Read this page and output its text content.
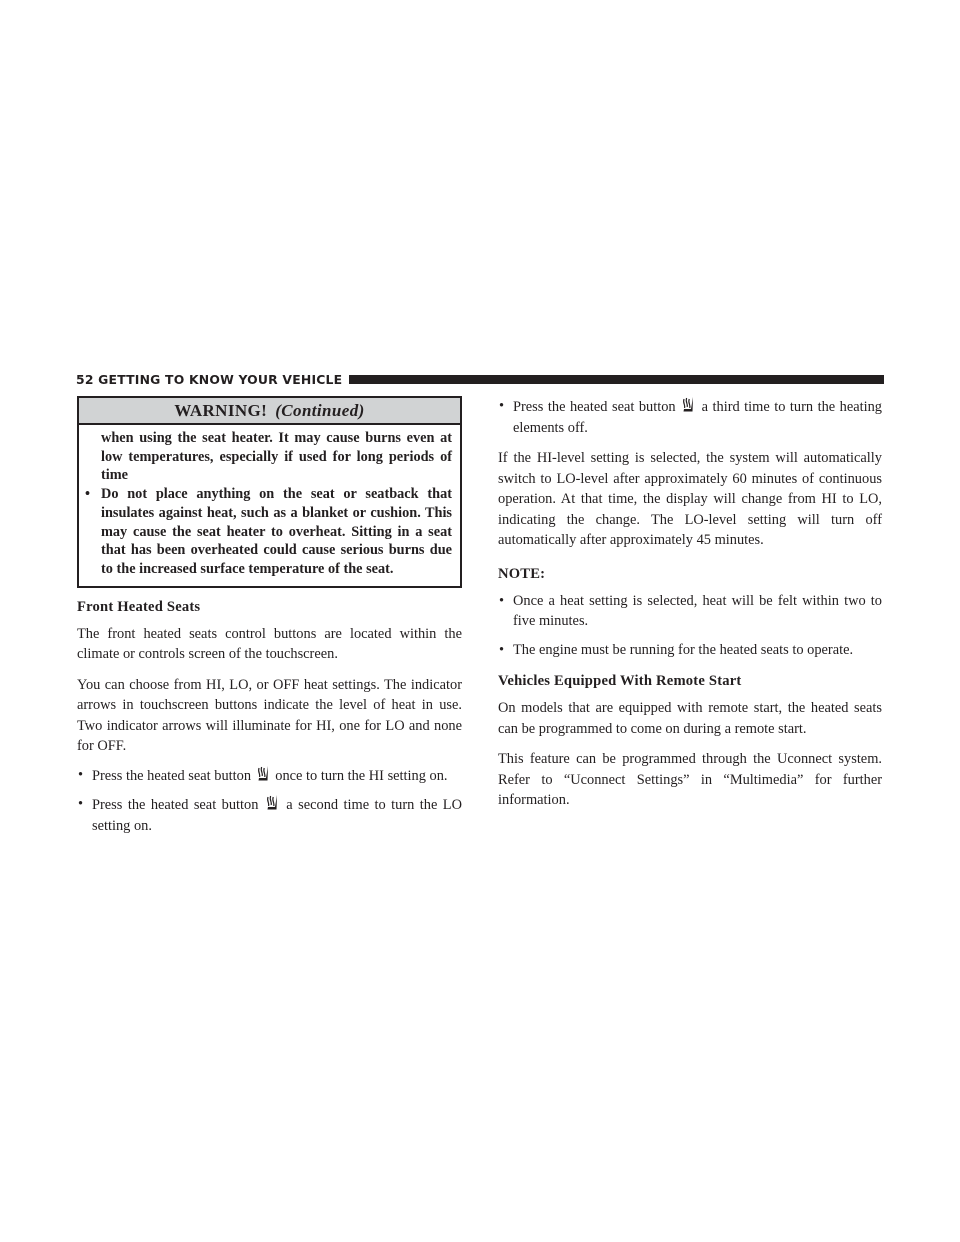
52 GETTING TO KNOW YOUR VEHICLE
WARNING! (Continued)

when using the seat heater. It may cause burns even at low temperatures, especially if used for long periods of time

• Do not place anything on the seat or seatback that insulates against heat, such as a blanket or cushion. This may cause the seat heater to overheat. Sitting in a seat that has been overheated could cause serious burns due to the increased surface temperature of the seat.

Front Heated Seats

The front heated seats control buttons are located within the climate or controls screen of the touchscreen.

You can choose from HI, LO, or OFF heat settings. The indicator arrows in touchscreen buttons indicate the level of heat in use. Two indicator arrows will illuminate for HI, one for LO and none for OFF.

• Press the heated seat button once to turn the HI setting on.

• Press the heated seat button a second time to turn the LO setting on.

• Press the heated seat button a third time to turn the heating elements off.

If the HI-level setting is selected, the system will automatically switch to LO-level after approximately 60 minutes of continuous operation. At that time, the display will change from HI to LO, indicating the change. The LO-level setting will turn off automatically after approximately 45 minutes.

NOTE:

• Once a heat setting is selected, heat will be felt within two to five minutes.

• The engine must be running for the heated seats to operate.

Vehicles Equipped With Remote Start

On models that are equipped with remote start, the heated seats can be programmed to come on during a remote start.

This feature can be programmed through the Uconnect system. Refer to “Uconnect Settings” in “Multimedia” for further information.
